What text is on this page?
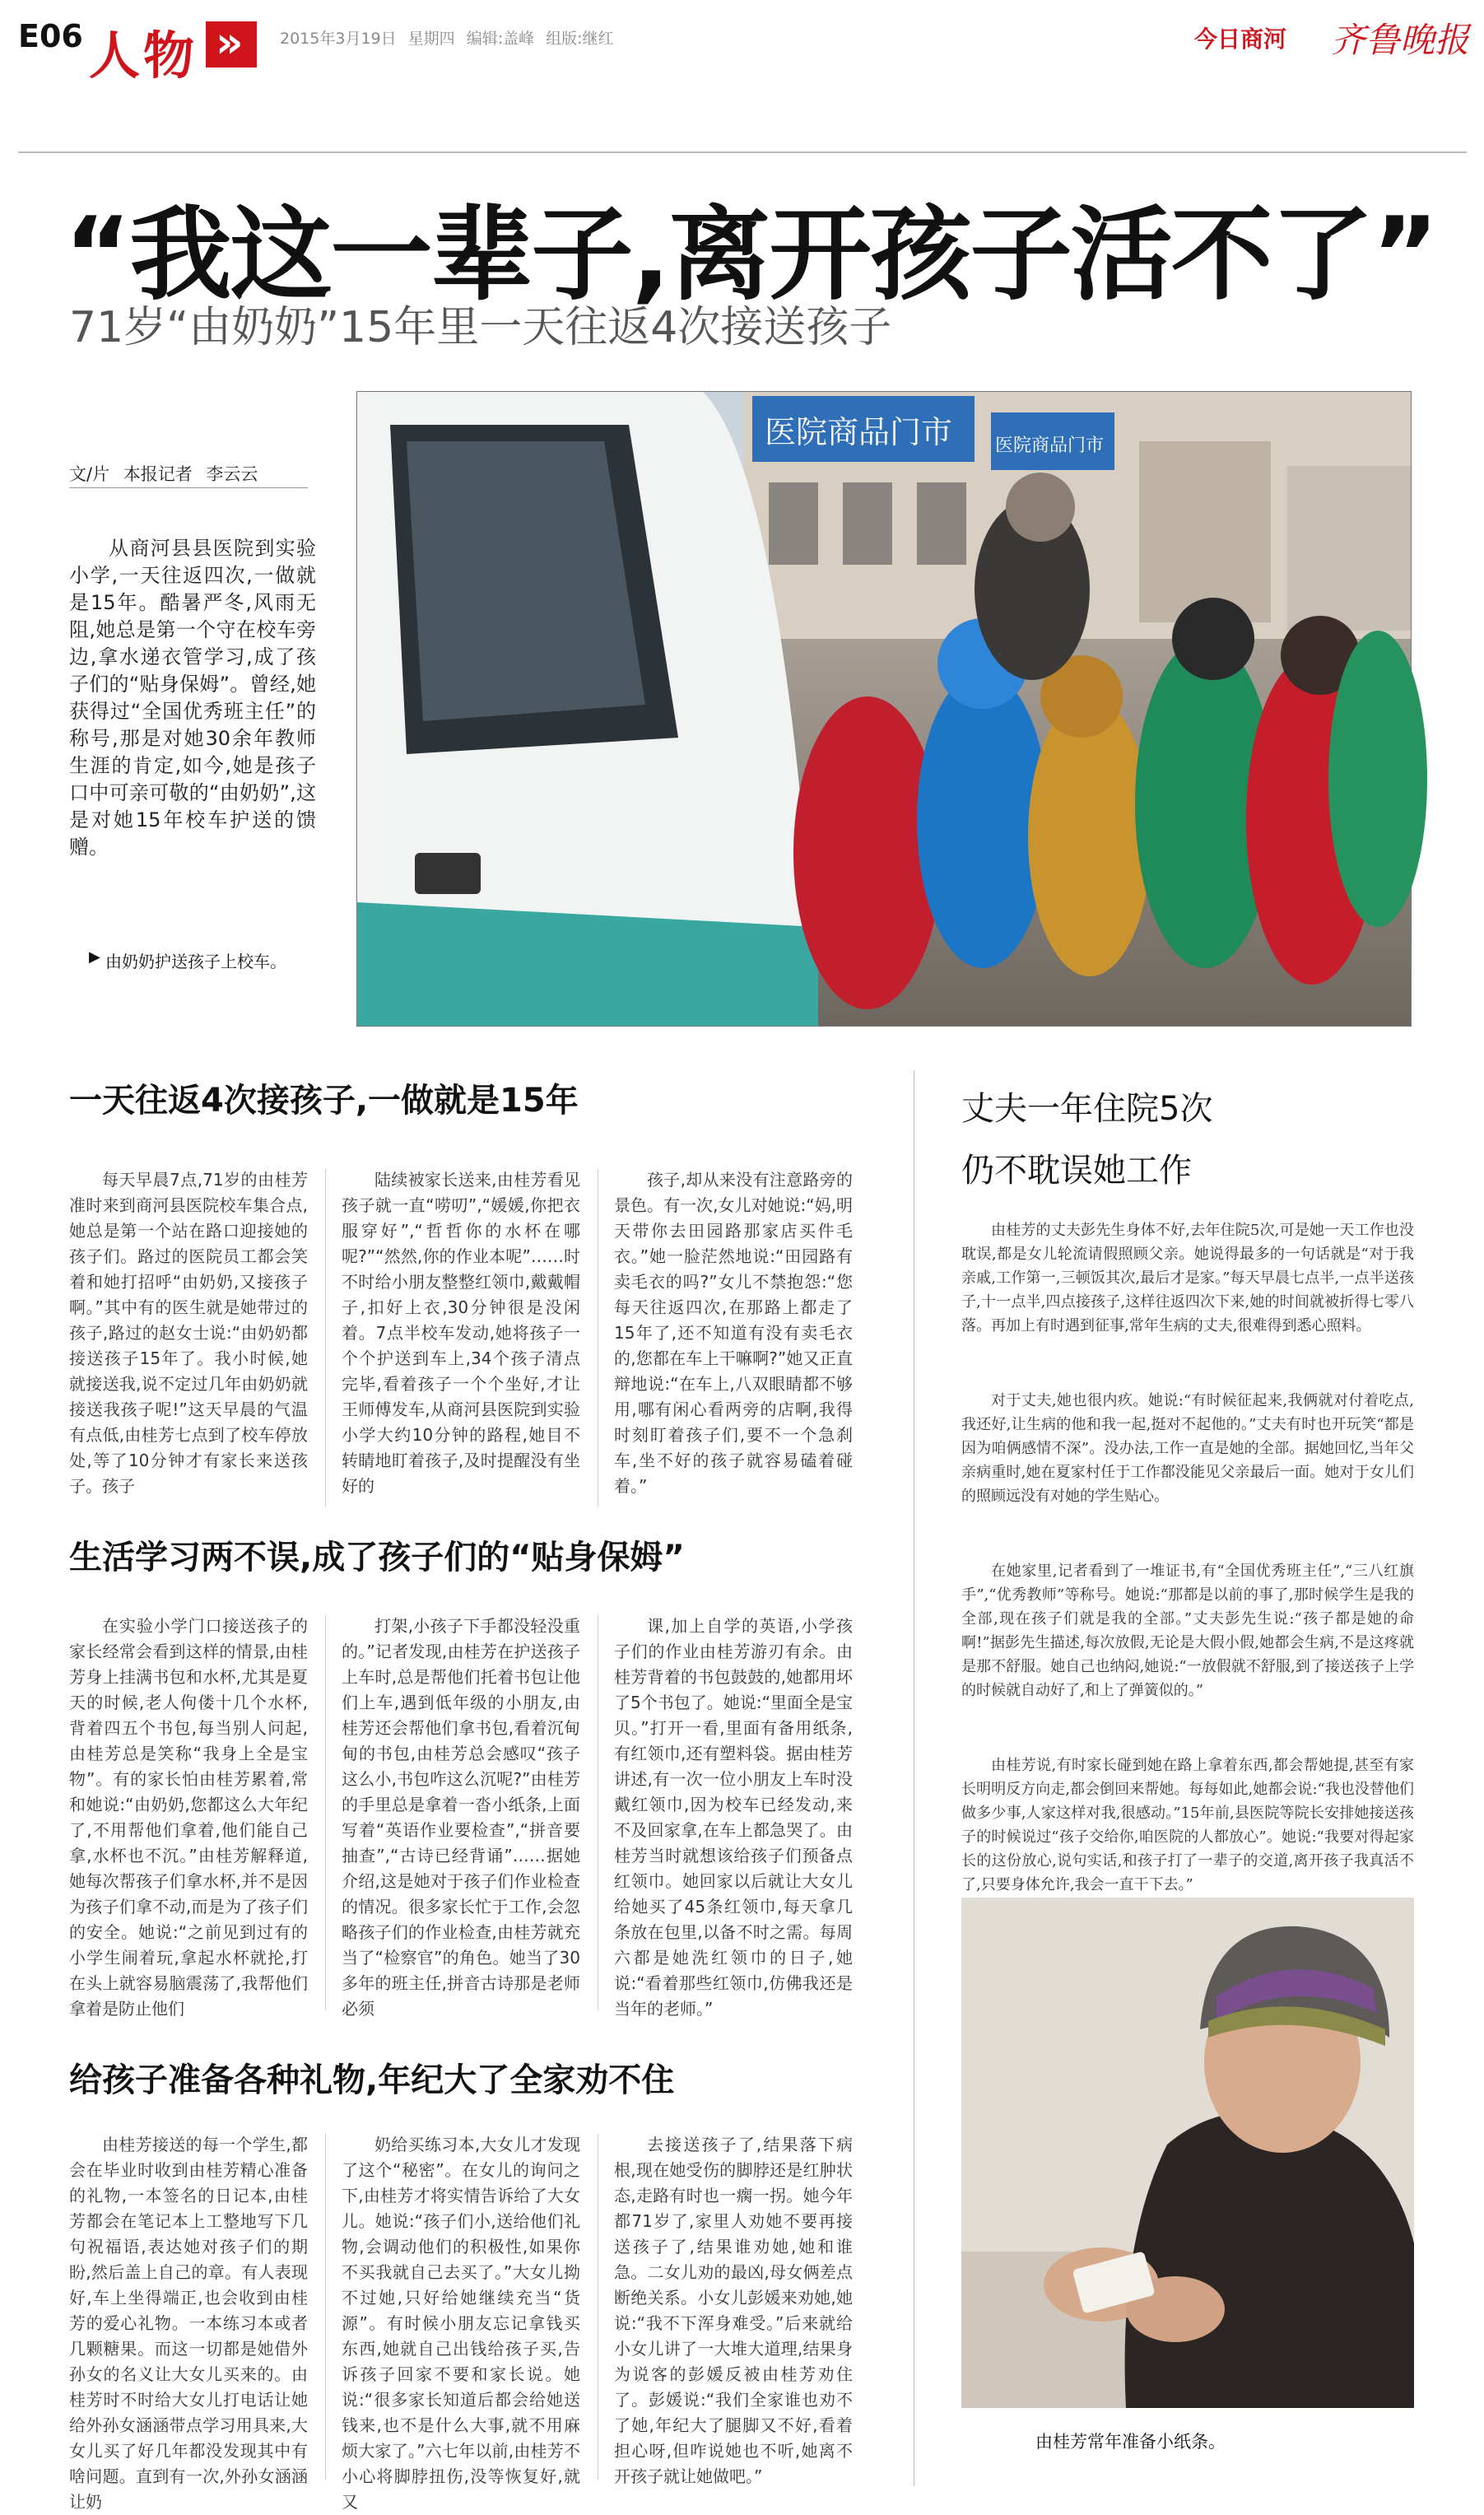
E06 人物 »	2015年3月19日 星期四 编辑:盖峰 组版:继红	今日商河 齐鲁晚报
“我这一辈子,离开孩子活不了”
71岁“由奶奶”15年里一天往返4次接送孩子
文/片 本报记者 李云云
从商河县县医院到实验小学,一天往返四次,一做就是15年。酷暑严冬,风雨无阻,她总是第一个守在校车旁边,拿水递衣管学习,成了孩子们的“贴身保姆”。曾经,她获得过“全国优秀班主任”的称号,那是对她30余年教师生涯的肯定,如今,她是孩子口中可亲可敬的“由奶奶”,这是对她15年校车护送的馈赠。
▶ 由奶奶护送孩子上校车。
医院商品门市 医院商品门市
一天往返4次接孩子,一做就是15年
每天早晨7点,71岁的由桂芳准时来到商河县医院校车集合点,她总是第一个站在路口迎接她的孩子们。路过的医院员工都会笑着和她打招呼“由奶奶,又接孩子啊。”其中有的医生就是她带过的孩子,路过的赵女士说:“由奶奶都接送孩子15年了。我小时候,她就接送我,说不定过几年由奶奶就接送我孩子呢!”这天早晨的气温有点低,由桂芳七点到了校车停放处,等了10分钟才有家长来送孩子。孩子
陆续被家长送来,由桂芳看见孩子就一直“唠叨”,“媛媛,你把衣服穿好”,“哲哲你的水杯在哪呢?”“然然,你的作业本呢”……时不时给小朋友整整红领巾,戴戴帽子,扣好上衣,30分钟很是没闲着。7点半校车发动,她将孩子一个个护送到车上,34个孩子清点完毕,看着孩子一个个坐好,才让王师傅发车,从商河县医院到实验小学大约10分钟的路程,她目不转睛地盯着孩子,及时提醒没有坐好的
孩子,却从来没有注意路旁的景色。有一次,女儿对她说:“妈,明天带你去田园路那家店买件毛衣。”她一脸茫然地说:“田园路有卖毛衣的吗?”女儿不禁抱怨:“您每天往返四次,在那路上都走了15年了,还不知道有没有卖毛衣的,您都在车上干嘛啊?”她又正直辩地说:“在车上,八双眼睛都不够用,哪有闲心看两旁的店啊,我得时刻盯着孩子们,要不一个急刹车,坐不好的孩子就容易磕着碰着。”
生活学习两不误,成了孩子们的“贴身保姆”
在实验小学门口接送孩子的家长经常会看到这样的情景,由桂芳身上挂满书包和水杯,尤其是夏天的时候,老人佝偻十几个水杯,背着四五个书包,每当别人问起,由桂芳总是笑称“我身上全是宝物”。有的家长怕由桂芳累着,常和她说:“由奶奶,您都这么大年纪了,不用帮他们拿着,他们能自己拿,水杯也不沉。”由桂芳解释道,她每次帮孩子们拿水杯,并不是因为孩子们拿不动,而是为了孩子们的安全。她说:“之前见到过有的小学生闹着玩,拿起水杯就抡,打在头上就容易脑震荡了,我帮他们拿着是防止他们
打架,小孩子下手都没轻没重的。”记者发现,由桂芳在护送孩子上车时,总是帮他们托着书包让他们上车,遇到低年级的小朋友,由桂芳还会帮他们拿书包,看着沉甸甸的书包,由桂芳总会感叹“孩子这么小,书包咋这么沉呢?”由桂芳的手里总是拿着一沓小纸条,上面写着“英语作业要检查”,“拼音要抽查”,“古诗已经背诵”……据她介绍,这是她对于孩子们作业检查的情况。很多家长忙于工作,会忽略孩子们的作业检查,由桂芳就充当了“检察官”的角色。她当了30多年的班主任,拼音古诗那是老师必须
课,加上自学的英语,小学孩子们的作业由桂芳游刃有余。由桂芳背着的书包鼓鼓的,她都用坏了5个书包了。她说:“里面全是宝贝。”打开一看,里面有备用纸条,有红领巾,还有塑料袋。据由桂芳讲述,有一次一位小朋友上车时没戴红领巾,因为校车已经发动,来不及回家拿,在车上都急哭了。由桂芳当时就想该给孩子们预备点红领巾。她回家以后就让大女儿给她买了45条红领巾,每天拿几条放在包里,以备不时之需。每周六都是她洗红领巾的日子,她说:“看着那些红领巾,仿佛我还是当年的老师。”
给孩子准备各种礼物,年纪大了全家劝不住
由桂芳接送的每一个学生,都会在毕业时收到由桂芳精心准备的礼物,一本签名的日记本,由桂芳都会在笔记本上工整地写下几句祝福语,表达她对孩子们的期盼,然后盖上自己的章。有人表现好,车上坐得端正,也会收到由桂芳的爱心礼物。一本练习本或者几颗糖果。而这一切都是她借外孙女的名义让大女儿买来的。由桂芳时不时给大女儿打电话让她给外孙女涵涵带点学习用具来,大女儿买了好几年都没发现其中有啥问题。直到有一次,外孙女涵涵让奶
奶给买练习本,大女儿才发现了这个“秘密”。在女儿的询问之下,由桂芳才将实情告诉给了大女儿。她说:“孩子们小,送给他们礼物,会调动他们的积极性,如果你不买我就自己去买了。”大女儿拗不过她,只好给她继续充当“货源”。有时候小朋友忘记拿钱买东西,她就自己出钱给孩子买,告诉孩子回家不要和家长说。她说:“很多家长知道后都会给她送钱来,也不是什么大事,就不用麻烦大家了。”六七年以前,由桂芳不小心将脚脖扭伤,没等恢复好,就又
去接送孩子了,结果落下病根,现在她受伤的脚脖还是红肿状态,走路有时也一瘸一拐。她今年都71岁了,家里人劝她不要再接送孩子了,结果谁劝她,她和谁急。二女儿劝的最凶,母女俩差点断绝关系。小女儿彭媛来劝她,她说:“我不下浑身难受。”后来就给小女儿讲了一大堆大道理,结果身为说客的彭媛反被由桂芳劝住了。彭媛说:“我们全家谁也劝不了她,年纪大了腿脚又不好,看着担心呀,但咋说她也不听,她离不开孩子就让她做吧。”
丈夫一年住院5次
仍不耽误她工作
由桂芳的丈夫彭先生身体不好,去年住院5次,可是她一天工作也没耽误,都是女儿轮流请假照顾父亲。她说得最多的一句话就是“对于我亲戚,工作第一,三顿饭其次,最后才是家。”每天早晨七点半,一点半送孩子,十一点半,四点接孩子,这样往返四次下来,她的时间就被折得七零八落。再加上有时遇到征事,常年生病的丈夫,很难得到悉心照料。
对于丈夫,她也很内疚。她说:“有时候征起来,我俩就对付着吃点,我还好,让生病的他和我一起,挺对不起他的。”丈夫有时也开玩笑“都是因为咱俩感情不深”。没办法,工作一直是她的全部。据她回忆,当年父亲病重时,她在夏家村任于工作都没能见父亲最后一面。她对于女儿们的照顾远没有对她的学生贴心。
在她家里,记者看到了一堆证书,有“全国优秀班主任”,“三八红旗手”,“优秀教师”等称号。她说:“那都是以前的事了,那时候学生是我的全部,现在孩子们就是我的全部。”丈夫彭先生说:“孩子都是她的命啊!”据彭先生描述,每次放假,无论是大假小假,她都会生病,不是这疼就是那不舒服。她自己也纳闷,她说:“一放假就不舒服,到了接送孩子上学的时候就自动好了,和上了弹簧似的。”
由桂芳说,有时家长碰到她在路上拿着东西,都会帮她提,甚至有家长明明反方向走,都会倒回来帮她。每每如此,她都会说:“我也没替他们做多少事,人家这样对我,很感动。”15年前,县医院等院长安排她接送孩子的时候说过“孩子交给你,咱医院的人都放心”。她说:“我要对得起家长的这份放心,说句实话,和孩子打了一辈子的交道,离开孩子我真活不了,只要身体允许,我会一直干下去。”
由桂芳常年准备小纸条。
